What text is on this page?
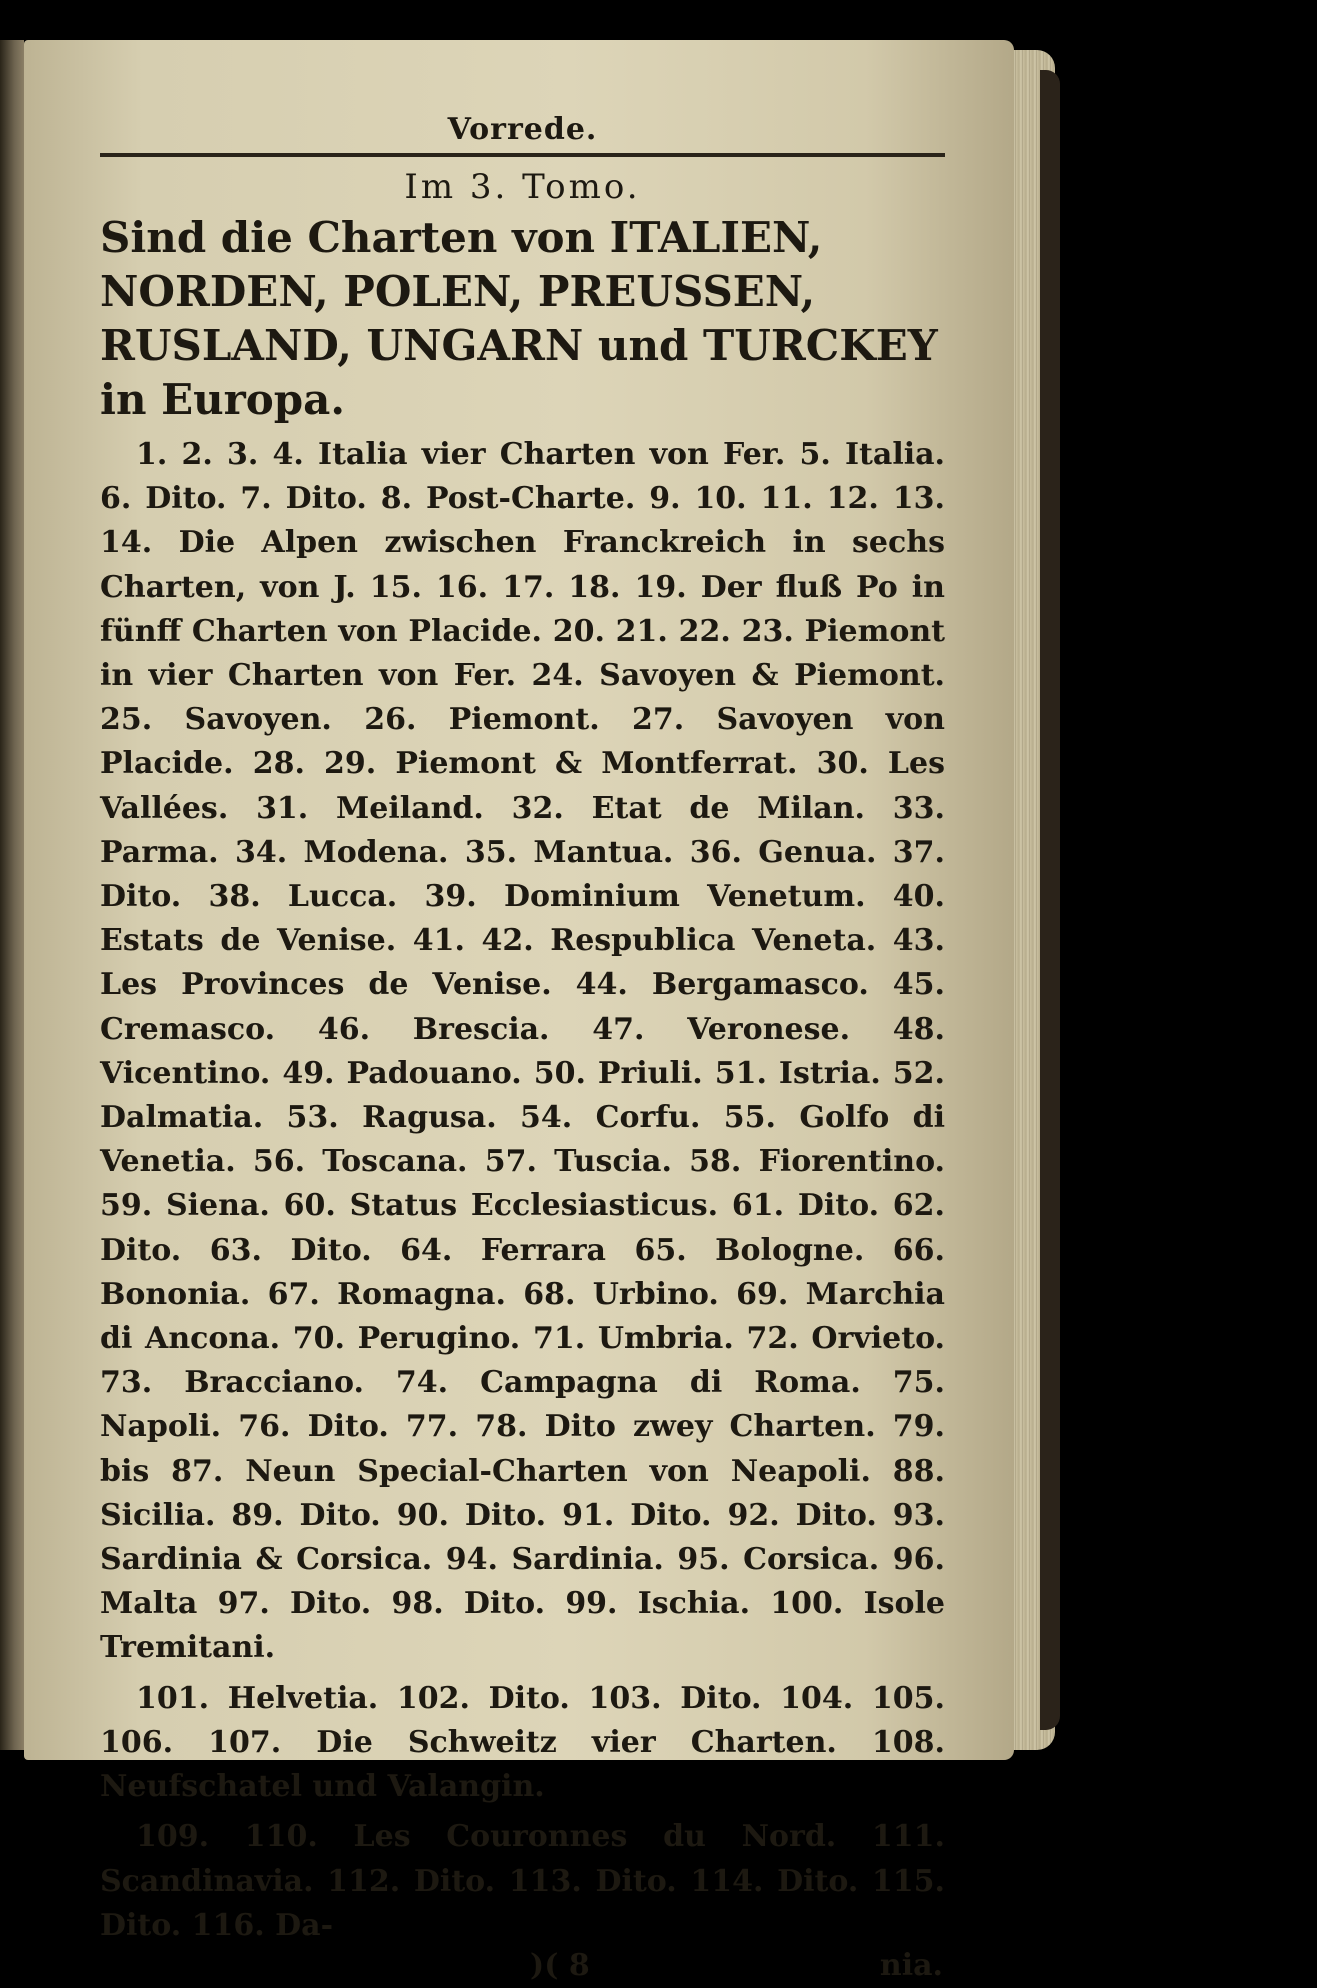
Vorrede.
Im 3. Tomo.

Sind die Charten von ITALIEN, NORDEN, POLEN, PREUSSEN, RUSLAND, UNGARN und TURCKEY in Europa.

1. 2. 3. 4. Italia vier Charten von Fer. 5. Italia. 6. Dito. 7. Dito. 8. Post-Charte. 9. 10. 11. 12. 13. 14. Die Alpen zwischen Franckreich in sechs Charten, von J. 15. 16. 17. 18. 19. Der fluß Po in fünff Charten von Placide. 20. 21. 22. 23. Piemont in vier Charten von Fer. 24. Savoyen & Piemont. 25. Savoyen. 26. Piemont. 27. Savoyen von Placide. 28. 29. Piemont & Montferrat. 30. Les Vallées. 31. Meiland. 32. Etat de Milan. 33. Parma. 34. Modena. 35. Mantua. 36. Genua. 37. Dito. 38. Lucca. 39. Dominium Venetum. 40. Estats de Venise. 41. 42. Respublica Veneta. 43. Les Provinces de Venise. 44. Bergamasco. 45. Cremasco. 46. Brescia. 47. Veronese. 48. Vicentino. 49. Padouano. 50. Priuli. 51. Istria. 52. Dalmatia. 53. Ragusa. 54. Corfu. 55. Golfo di Venetia. 56. Toscana. 57. Tuscia. 58. Fiorentino. 59. Siena. 60. Status Ecclesiasticus. 61. Dito. 62. Dito. 63. Dito. 64. Ferrara 65. Bologne. 66. Bononia. 67. Romagna. 68. Urbino. 69. Marchia di Ancona. 70. Perugino. 71. Umbria. 72. Orvieto. 73. Bracciano. 74. Campagna di Roma. 75. Napoli. 76. Dito. 77. 78. Dito zwey Charten. 79. bis 87. Neun Special-Charten von Neapoli. 88. Sicilia. 89. Dito. 90. Dito. 91. Dito. 92. Dito. 93. Sardinia & Corsica. 94. Sardinia. 95. Corsica. 96. Malta 97. Dito. 98. Dito. 99. Ischia. 100. Isole Tremitani.

101. Helvetia. 102. Dito. 103. Dito. 104. 105. 106. 107. Die Schweitz vier Charten. 108. Neufschatel und Valangin.

109. 110. Les Couronnes du Nord. 111. Scandinavia. 112. Dito. 113. Dito. 114. Dito. 115. Dito. 116. Da-

)( 8	nia.
